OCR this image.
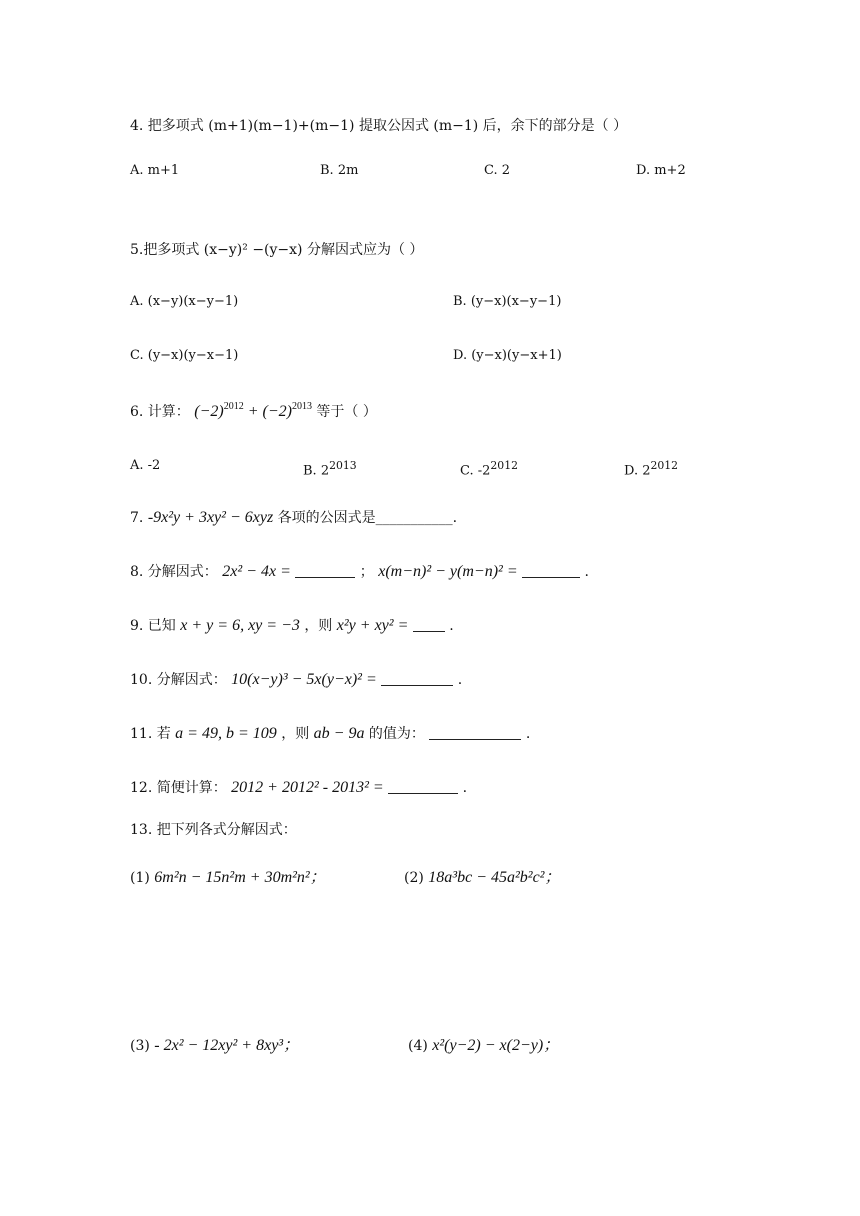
4. 把多项式 (m+1)(m−1)+(m−1) 提取公因式 (m−1) 后，余下的部分是（ ）
A. m+1	B. 2m	C. 2	D. m+2
5.把多项式 (x−y)² −(y−x) 分解因式应为（ ）
A. (x−y)(x−y−1)	B. (y−x)(x−y−1)
C. (y−x)(y−x−1)	D. (y−x)(y−x+1)
6. 计算： $(-2)^{2012} + (-2)^{2013}$ 等于（ ）
A. -2	B. $2^{2013}$	C. $-2^{2012}$	D. $2^{2012}$
7. -9x²y + 3xy² − 6xyz 各项的公因式是___________.
8. 分解因式： 2x² − 4x =	； x(m−n)² − y(m−n)² =	.
9. 已知 x + y = 6, xy = −3 ，则 x²y + xy² =	.
10. 分解因式： 10(x−y)³ − 5x(y−x)² =	.
11. 若 a = 49, b = 109 ，则 ab − 9a 的值为：	.
12. 简便计算： 2012 + 2012² - 2013² =	.
13. 把下列各式分解因式：
(1) 6m²n − 15n²m + 30m²n²；	(2) 18a³bc − 45a²b²c²；
(3) - 2x² − 12xy² + 8xy³；	(4) x²(y−2) − x(2−y)；
